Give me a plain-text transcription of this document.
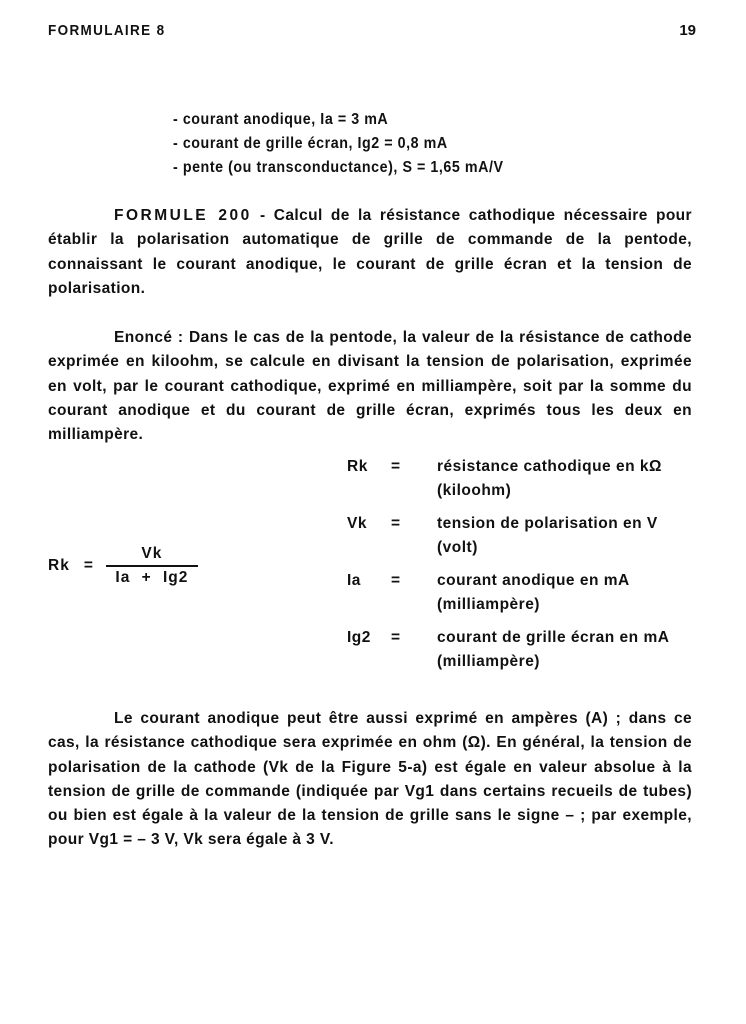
FORMULAIRE 8	19
- courant anodique, Ia = 3 mA
- courant de grille écran, Ig2 = 0,8 mA
- pente (ou transconductance), S = 1,65 mA/V
FORMULE 200 - Calcul de la résistance cathodique nécessaire pour établir la polarisation automatique de grille de commande de la pentode, connaissant le courant anodique, le courant de grille écran et la tension de polarisation.
Enoncé : Dans le cas de la pentode, la valeur de la résistance de cathode exprimée en kiloohm, se calcule en divisant la tension de polarisation, exprimée en volt, par le courant cathodique, exprimé en milliampère, soit par la somme du courant anodique et du courant de grille écran, exprimés tous les deux en milliampère.
$Rk = \frac{Vk}{Ia + Ig2}$
Rk	=	résistance cathodique en kΩ (kiloohm)
Vk	=	tension de polarisation en V (volt)
Ia	=	courant anodique en mA (milliampère)
Ig2	=	courant de grille écran en mA (milliampère)
Le courant anodique peut être aussi exprimé en ampères (A) ; dans ce cas, la résistance cathodique sera exprimée en ohm (Ω). En général, la tension de polarisation de la cathode (Vk de la Figure 5-a) est égale en valeur absolue à la tension de grille de commande (indiquée par Vg1 dans certains recueils de tubes) ou bien est égale à la valeur de la tension de grille sans le signe – ; par exemple, pour Vg1 = – 3 V, Vk sera égale à 3 V.
